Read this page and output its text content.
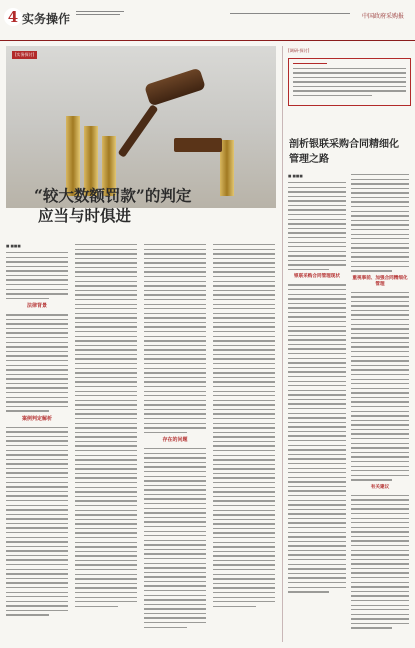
4 实务操作	中国政府采购报
[实务探讨]
“较大数额罚款”的判定
应当与时俱进
■ ■■■
法律背景
案例判定解析
存在的问题
[调研·探讨]
剖析银联采购合同精细化
管理之路
■ ■■■
银联采购合同管理现状	重视事前、加强合同精细化管理
有关建议
